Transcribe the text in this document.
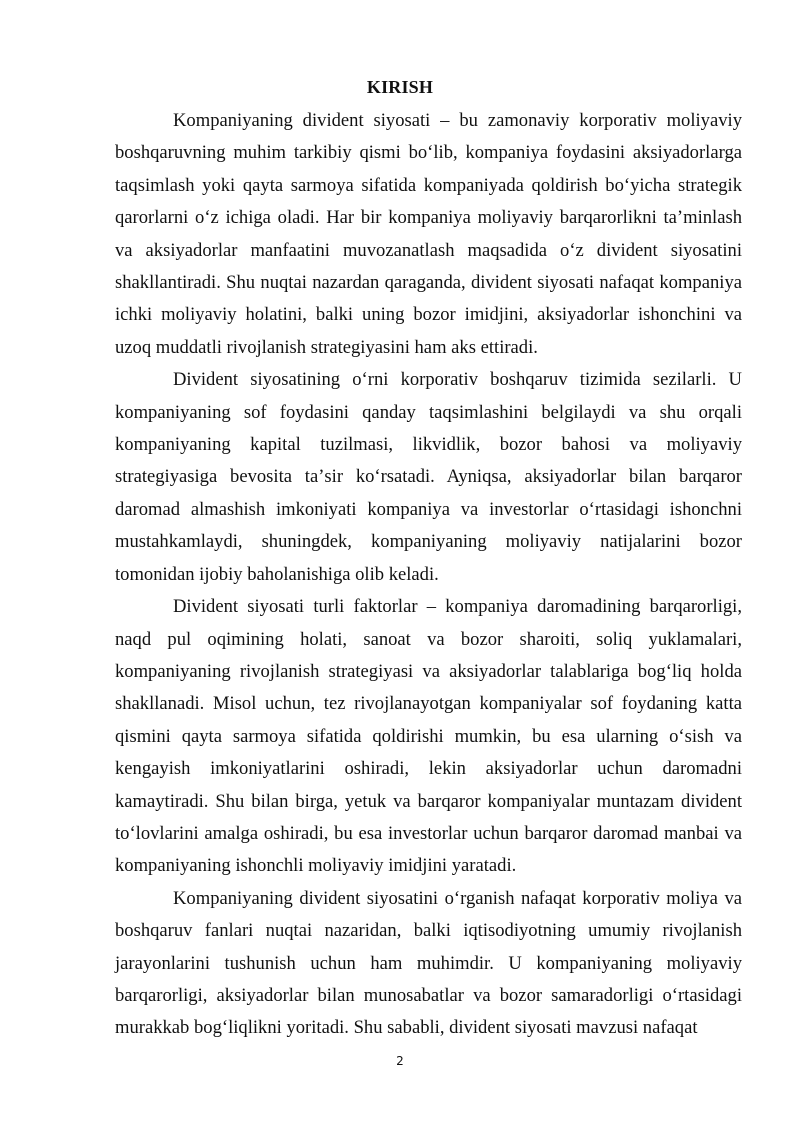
KIRISH

Kompaniyaning divident siyosati – bu zamonaviy korporativ moliyaviy boshqaruvning muhim tarkibiy qismi boʻlib, kompaniya foydasini aksiyadorlarga taqsimlash yoki qayta sarmoya sifatida kompaniyada qoldirish boʻyicha strategik qarorlarni oʻz ichiga oladi. Har bir kompaniya moliyaviy barqarorlikni taʼminlash va aksiyadorlar manfaatini muvozanatlash maqsadida oʻz divident siyosatini shakllantiradi. Shu nuqtai nazardan qaraganda, divident siyosati nafaqat kompaniya ichki moliyaviy holatini, balki uning bozor imidjini, aksiyadorlar ishonchini va uzoq muddatli rivojlanish strategiyasini ham aks ettiradi.

Divident siyosatining oʻrni korporativ boshqaruv tizimida sezilarli. U kompaniyaning sof foydasini qanday taqsimlashini belgilaydi va shu orqali kompaniyaning kapital tuzilmasi, likvidlik, bozor bahosi va moliyaviy strategiyasiga bevosita taʼsir koʻrsatadi. Ayniqsa, aksiyadorlar bilan barqaror daromad almashish imkoniyati kompaniya va investorlar oʻrtasidagi ishonchni mustahkamlaydi, shuningdek, kompaniyaning moliyaviy natijalarini bozor tomonidan ijobiy baholanishiga olib keladi.

Divident siyosati turli faktorlar – kompaniya daromadining barqarorligi, naqd pul oqimining holati, sanoat va bozor sharoiti, soliq yuklamalari, kompaniyaning rivojlanish strategiyasi va aksiyadorlar talablariga bogʻliq holda shakllanadi. Misol uchun, tez rivojlanayotgan kompaniyalar sof foydaning katta qismini qayta sarmoya sifatida qoldirishi mumkin, bu esa ularning oʻsish va kengayish imkoniyatlarini oshiradi, lekin aksiyadorlar uchun daromadni kamaytiradi. Shu bilan birga, yetuk va barqaror kompaniyalar muntazam divident toʻlovlarini amalga oshiradi, bu esa investorlar uchun barqaror daromad manbai va kompaniyaning ishonchli moliyaviy imidjini yaratadi.

Kompaniyaning divident siyosatini oʻrganish nafaqat korporativ moliya va boshqaruv fanlari nuqtai nazaridan, balki iqtisodiyotning umumiy rivojlanish jarayonlarini tushunish uchun ham muhimdir. U kompaniyaning moliyaviy barqarorligi, aksiyadorlar bilan munosabatlar va bozor samaradorligi oʻrtasidagi murakkab bogʻliqlikni yoritadi. Shu sababli, divident siyosati mavzusi nafaqat

2
